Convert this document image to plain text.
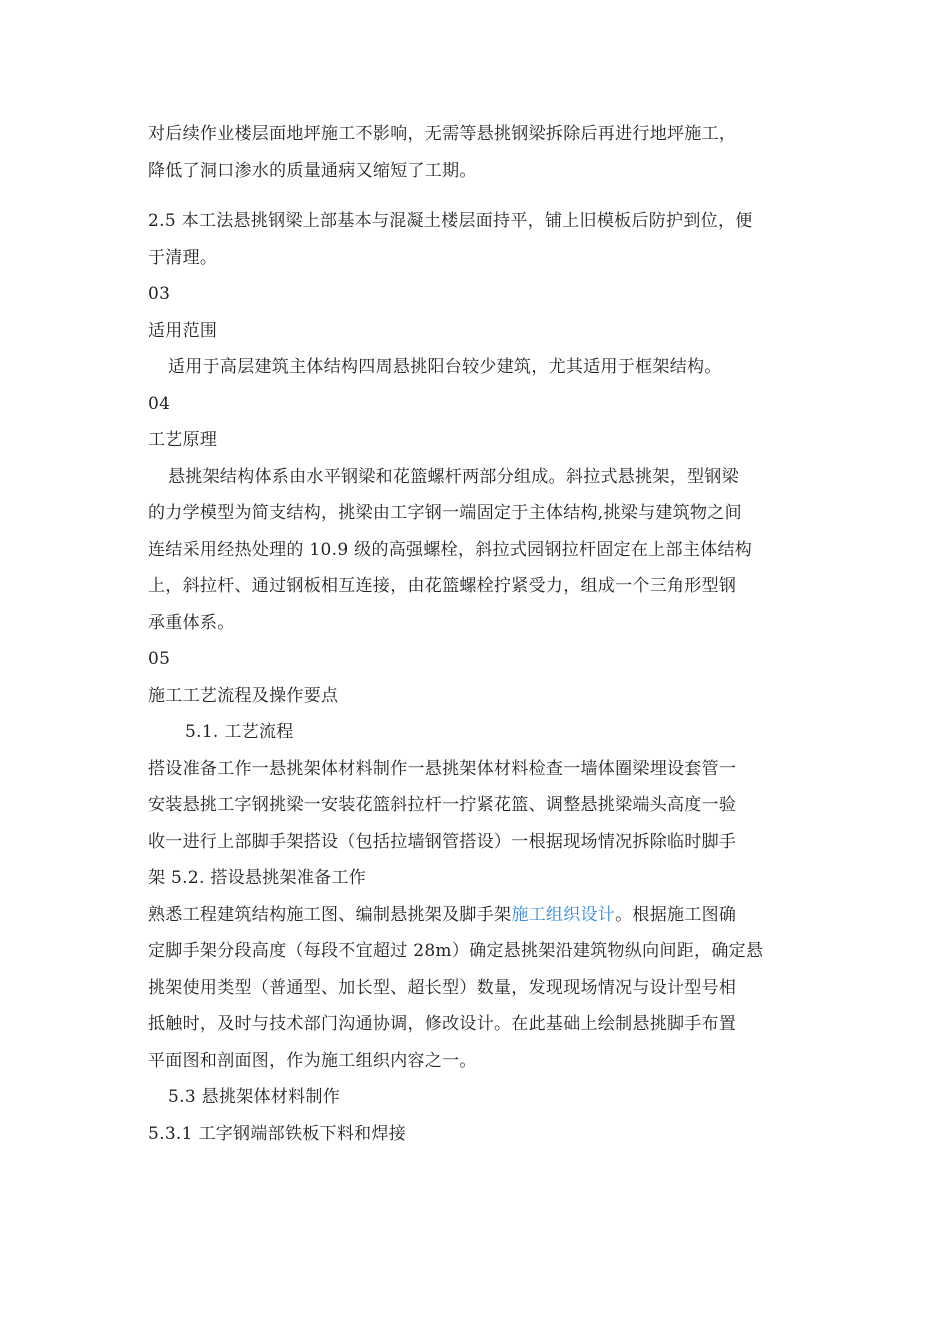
对后续作业楼层面地坪施工不影响，无需等悬挑钢梁拆除后再进行地坪施工，
降低了洞口渗水的质量通病又缩短了工期。
2.5 本工法悬挑钢梁上部基本与混凝土楼层面持平，铺上旧模板后防护到位，便
于清理。
03
适用范围
适用于高层建筑主体结构四周悬挑阳台较少建筑，尤其适用于框架结构。
04
工艺原理
悬挑架结构体系由水平钢梁和花篮螺杆两部分组成。斜拉式悬挑架，型钢梁
的力学模型为简支结构，挑梁由工字钢一端固定于主体结构,挑梁与建筑物之间
连结采用经热处理的 10.9 级的高强螺栓，斜拉式园钢拉杆固定在上部主体结构
上，斜拉杆、通过钢板相互连接，由花篮螺栓拧紧受力，组成一个三角形型钢
承重体系。
05
施工工艺流程及操作要点
5.1. 工艺流程
搭设准备工作一悬挑架体材料制作一悬挑架体材料检查一墙体圈梁埋设套管一
安装悬挑工字钢挑梁一安装花篮斜拉杆一拧紧花篮、调整悬挑梁端头高度一验
收一进行上部脚手架搭设（包括拉墙钢管搭设）一根据现场情况拆除临时脚手
架 5.2. 搭设悬挑架准备工作
熟悉工程建筑结构施工图、编制悬挑架及脚手架施工组织设计。根据施工图确
定脚手架分段高度（每段不宜超过 28m）确定悬挑架沿建筑物纵向间距，确定悬
挑架使用类型（普通型、加长型、超长型）数量，发现现场情况与设计型号相
抵触时，及时与技术部门沟通协调，修改设计。在此基础上绘制悬挑脚手布置
平面图和剖面图，作为施工组织内容之一。
5.3 悬挑架体材料制作
5.3.1 工字钢端部铁板下料和焊接
